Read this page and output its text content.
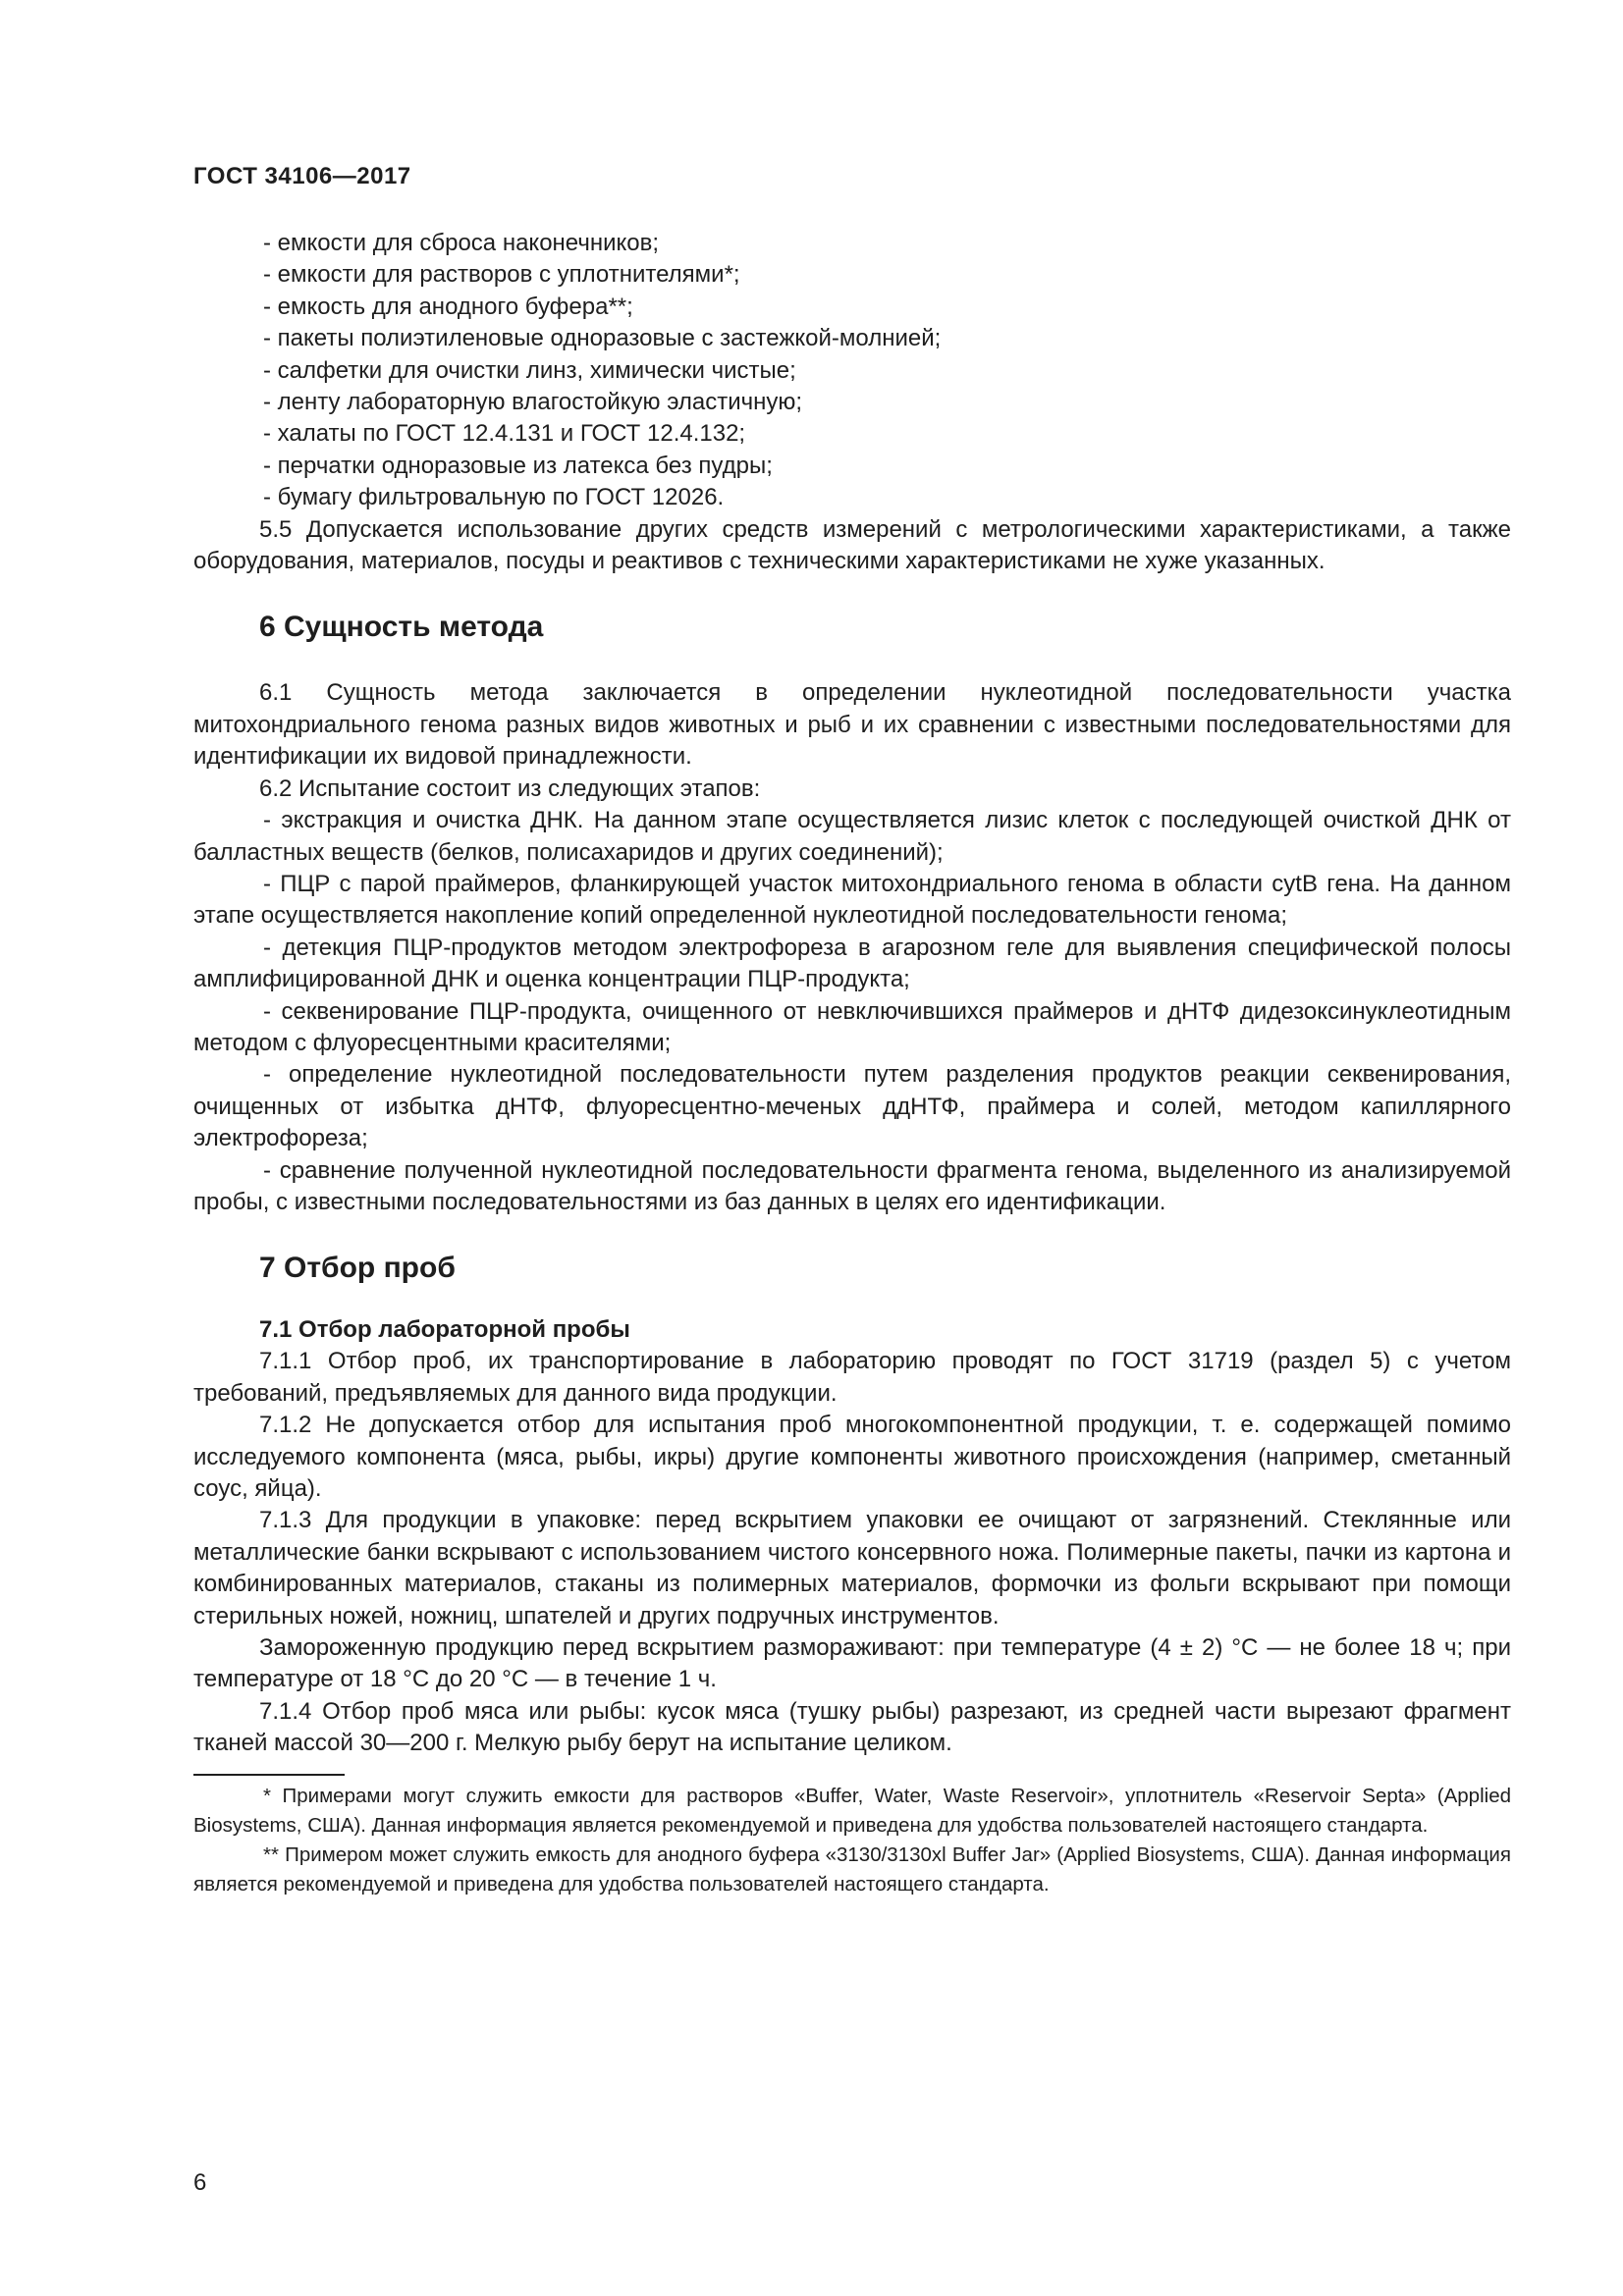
ГОСТ 34106—2017

- емкости для сброса наконечников;

- емкости для растворов с уплотнителями*;

- емкость для анодного буфера**;

- пакеты полиэтиленовые одноразовые с застежкой-молнией;

- салфетки для очистки линз, химически чистые;

- ленту лабораторную влагостойкую эластичную;

- халаты по ГОСТ 12.4.131 и ГОСТ 12.4.132;

- перчатки одноразовые из латекса без пудры;

- бумагу фильтровальную по ГОСТ 12026.

5.5 Допускается использование других средств измерений с метрологическими характеристиками, а также оборудования, материалов, посуды и реактивов с техническими характеристиками не хуже указанных.

6 Сущность метода

6.1 Сущность метода заключается в определении нуклеотидной последовательности участка митохондриального генома разных видов животных и рыб и их сравнении с известными последовательностями для идентификации их видовой принадлежности.

6.2 Испытание состоит из следующих этапов:

- экстракция и очистка ДНК. На данном этапе осуществляется лизис клеток с последующей очисткой ДНК от балластных веществ (белков, полисахаридов и других соединений);

- ПЦР с парой праймеров, фланкирующей участок митохондриального генома в области cytB гена. На данном этапе осуществляется накопление копий определенной нуклеотидной последовательности генома;

- детекция ПЦР-продуктов методом электрофореза в агарозном геле для выявления специфической полосы амплифицированной ДНК и оценка концентрации ПЦР-продукта;

- секвенирование ПЦР-продукта, очищенного от невключившихся праймеров и дНТФ дидезоксинуклеотидным методом с флуоресцентными красителями;

- определение нуклеотидной последовательности путем разделения продуктов реакции секвенирования, очищенных от избытка дНТФ, флуоресцентно-меченых ддНТФ, праймера и солей, методом капиллярного электрофореза;

- сравнение полученной нуклеотидной последовательности фрагмента генома, выделенного из анализируемой пробы, с известными последовательностями из баз данных в целях его идентификации.

7 Отбор проб
7.1 Отбор лабораторной пробы

7.1.1 Отбор проб, их транспортирование в лабораторию проводят по ГОСТ 31719 (раздел 5) с учетом требований, предъявляемых для данного вида продукции.

7.1.2 Не допускается отбор для испытания проб многокомпонентной продукции, т. е. содержащей помимо исследуемого компонента (мяса, рыбы, икры) другие компоненты животного происхождения (например, сметанный соус, яйца).

7.1.3 Для продукции в упаковке: перед вскрытием упаковки ее очищают от загрязнений. Стеклянные или металлические банки вскрывают с использованием чистого консервного ножа. Полимерные пакеты, пачки из картона и комбинированных материалов, стаканы из полимерных материалов, формочки из фольги вскрывают при помощи стерильных ножей, ножниц, шпателей и других подручных инструментов.

Замороженную продукцию перед вскрытием размораживают: при температуре (4 ± 2) °С — не более 18 ч; при температуре от 18 °С до 20 °С — в течение 1 ч.

7.1.4 Отбор проб мяса или рыбы: кусок мяса (тушку рыбы) разрезают, из средней части вырезают фрагмент тканей массой 30—200 г. Мелкую рыбу берут на испытание целиком.

* Примерами могут служить емкости для растворов «Buffer, Water, Waste Reservoir», уплотнитель «Reservoir Septa» (Applied Biosystems, США). Данная информация является рекомендуемой и приведена для удобства пользователей настоящего стандарта.

** Примером может служить емкость для анодного буфера «3130/3130xl Buffer Jar» (Applied Biosystems, США). Данная информация является рекомендуемой и приведена для удобства пользователей настоящего стандарта.

6
